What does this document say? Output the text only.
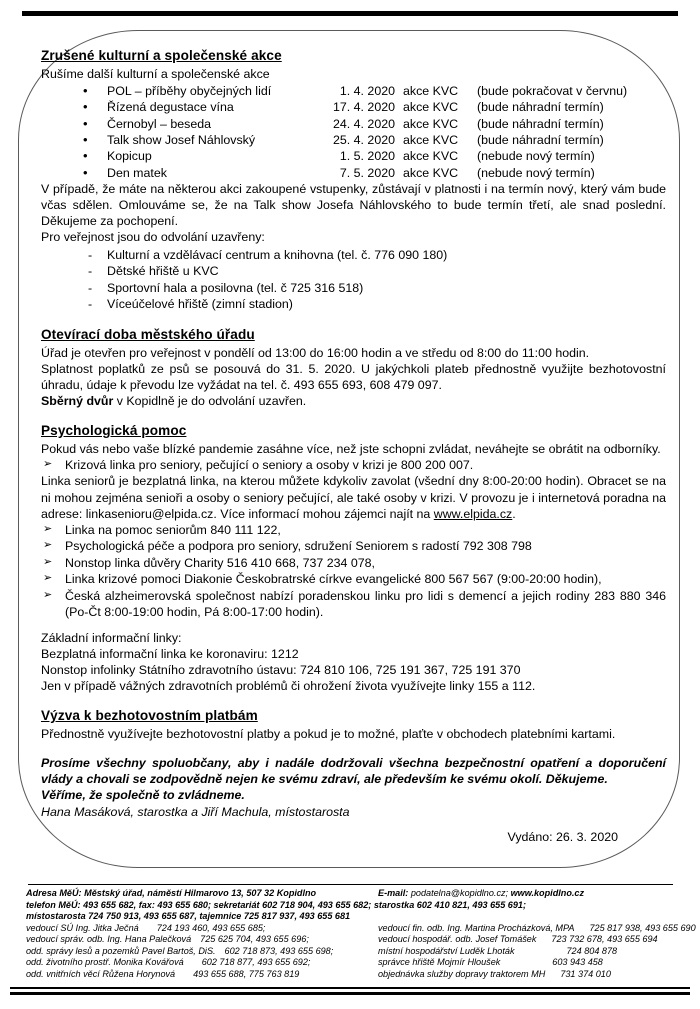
Zrušené kulturní a společenské akce

Rušíme další kulturní a společenské akce

• POL – příběhy obyčejných lidí	1. 4. 2020 akce KVC (bude pokračovat v červnu)
• Řízená degustace vína	17. 4. 2020 akce KVC (bude náhradní termín)
• Černobyl – beseda	24. 4. 2020 akce KVC (bude náhradní termín)
• Talk show Josef Náhlovský	25. 4. 2020 akce KVC (bude náhradní termín)
• Kopicup	1. 5. 2020 akce KVC (nebude nový termín)
• Den matek	7. 5. 2020 akce KVC (nebude nový termín)

V případě, že máte na některou akci zakoupené vstupenky, zůstávají v platnosti i na termín nový, který vám bude včas sdělen. Omlouváme se, že na Talk show Josefa Náhlovského to bude termín třetí, ale snad poslední. Děkujeme za pochopení.

Pro veřejnost jsou do odvolání uzavřeny:

- Kulturní a vzdělávací centrum a knihovna (tel. č. 776 090 180)
- Dětské hřiště u KVC
- Sportovní hala a posilovna (tel. č 725 316 518)
- Víceúčelové hřiště (zimní stadion)
Otevírací doba městského úřadu

Úřad je otevřen pro veřejnost v pondělí od 13:00 do 16:00 hodin a ve středu od 8:00 do 11:00 hodin.

Splatnost poplatků ze psů se posouvá do 31. 5. 2020. U jakýchkoli plateb přednostně využijte bezhotovostní úhradu, údaje k převodu lze vyžádat na tel. č. 493 655 693, 608 479 097.

Sběrný dvůr v Kopidlně je do odvolání uzavřen.

Psychologická pomoc

Pokud vás nebo vaše blízké pandemie zasáhne více, než jste schopni zvládat, neváhejte se obrátit na odborníky.

➢ Krizová linka pro seniory, pečující o seniory a osoby v krizi je 800 200 007.

Linka seniorů je bezplatná linka, na kterou můžete kdykoliv zavolat (všední dny 8:00-20:00 hodin). Obracet se na ni mohou zejména senioři a osoby o seniory pečující, ale také osoby v krizi. V provozu je i internetová poradna na adrese: linkasenioru@elpida.cz. Více informací mohou zájemci najít na www.elpida.cz.

➢ Linka na pomoc seniorům 840 111 122,
➢ Psychologická péče a podpora pro seniory, sdružení Seniorem s radostí 792 308 798
➢ Nonstop linka důvěry Charity 516 410 668, 737 234 078,
➢ Linka krizové pomoci Diakonie Českobratrské církve evangelické 800 567 567 (9:00-20:00 hodin),
➢ Česká alzheimerovská společnost nabízí poradenskou linku pro lidi s demencí a jejich rodiny 283 880 346 (Po-Čt 8:00-19:00 hodin, Pá 8:00-17:00 hodin).

Základní informační linky:

Bezplatná informační linka ke koronaviru: 1212

Nonstop infolinky Státního zdravotního ústavu: 724 810 106, 725 191 367, 725 191 370

Jen v případě vážných zdravotních problémů či ohrožení života využívejte linky 155 a 112.

Výzva k bezhotovostním platbám

Přednostně využívejte bezhotovostní platby a pokud je to možné, plaťte v obchodech platebními kartami.

Prosíme všechny spoluobčany, aby i nadále dodržovali všechna bezpečnostní opatření a doporučení vlády a chovali se zodpovědně nejen ke svému zdraví, ale především ke svému okolí. Děkujeme.

Věříme, že společně to zvládneme.

Hana Masáková, starostka a Jiří Machula, místostarosta

Vydáno: 26. 3. 2020

Adresa MěÚ: Městský úřad, náměstí Hilmarovo 13, 507 32 Kopidlno	E-mail: podatelna@kopidlno.cz; www.kopidlno.cz
telefon MěÚ: 493 655 682, fax: 493 655 680; sekretariát 602 718 904, 493 655 682; starostka 602 410 821, 493 655 691;
místostarosta 724 750 913, 493 655 687, tajemnice 725 817 937, 493 655 681
vedoucí SÚ Ing. Jitka Ječná 724 193 460, 493 655 685;	vedoucí fin. odb. Ing. Martina Procházková, MPA 725 817 938, 493 655 690
vedoucí správ. odb. Ing. Hana Palečková 725 625 704, 493 655 696;	vedoucí hospodář. odb. Josef Tomášek 723 732 678, 493 655 694
odd. správy lesů a pozemků Pavel Bartoš, DiS. 602 718 873, 493 655 698;	místní hospodářství Luděk Lhoták	724 804 878
odd. životního prostř. Monika Kovářová 602 718 877, 493 655 692;	správce hřiště Mojmír Hloušek	603 943 458
odd. vnitřních věcí Růžena Horynová 493 655 688, 775 763 819	objednávka služby dopravy traktorem MH 731 374 010
